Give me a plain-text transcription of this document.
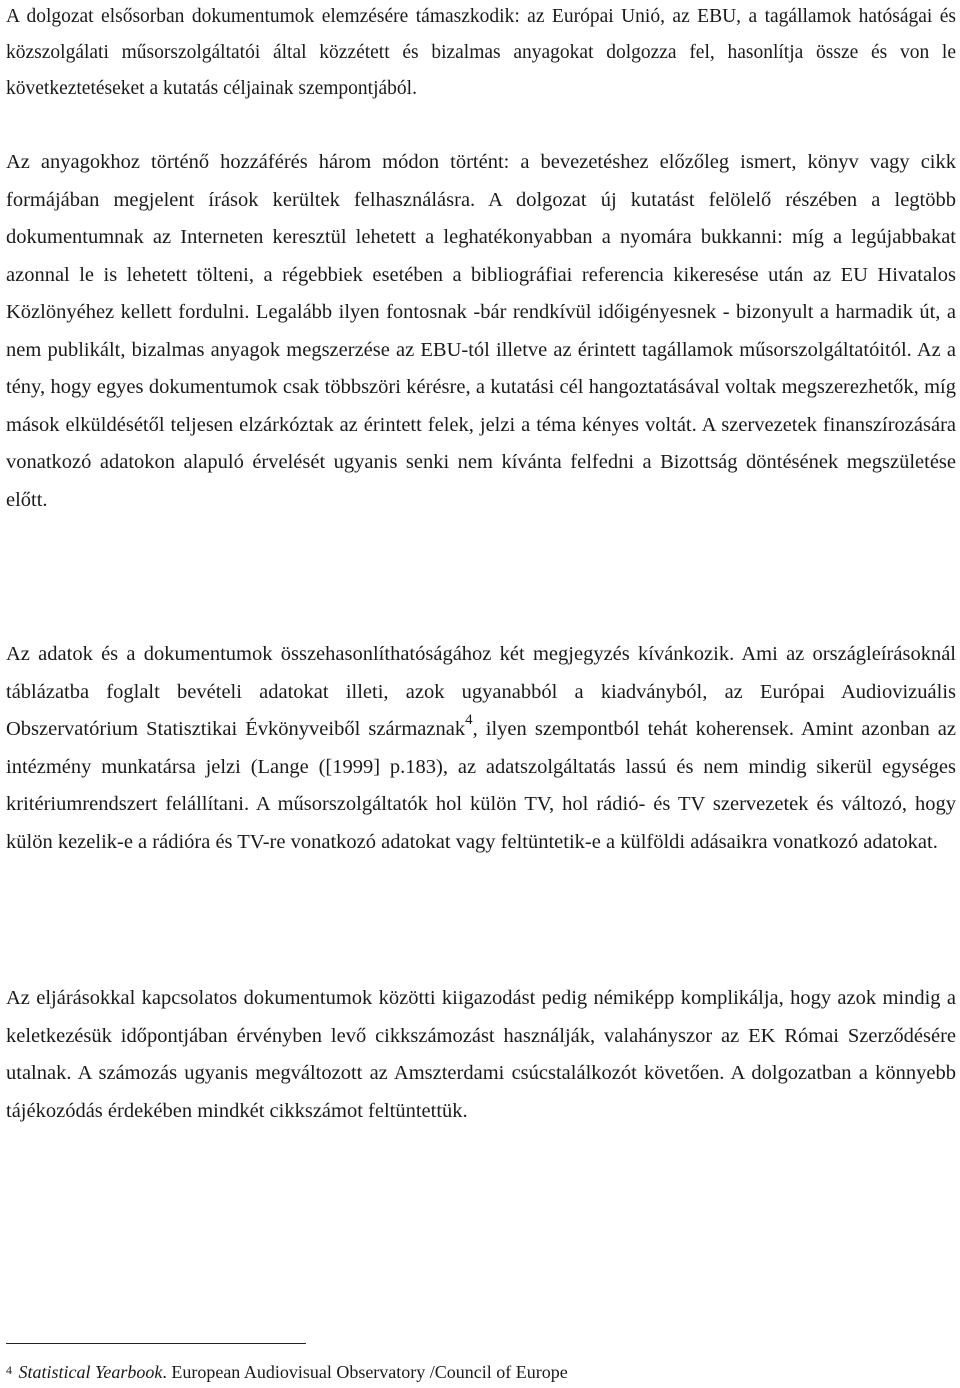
A dolgozat elsősorban dokumentumok elemzésére támaszkodik: az Európai Unió, az EBU, a tagállamok hatóságai és közszolgálati műsorszolgáltatói által közzétett és bizalmas anyagokat dolgozza fel, hasonlítja össze és von le következtetéseket a kutatás céljainak szempontjából.

Az anyagokhoz történő hozzáférés három módon történt: a bevezetéshez előzőleg ismert, könyv vagy cikk formájában megjelent írások kerültek felhasználásra. A dolgozat új kutatást felölelő részében a legtöbb dokumentumnak az Interneten keresztül lehetett a leghatékonyabban a nyomára bukkanni: míg a legújabbakat azonnal le is lehetett tölteni, a régebbiek esetében a bibliográfiai referencia kikeresése után az EU Hivatalos Közlönyéhez kellett fordulni. Legalább ilyen fontosnak -bár rendkívül időigényesnek - bizonyult a harmadik út, a nem publikált, bizalmas anyagok megszerzése az EBU-tól illetve az érintett tagállamok műsorszolgáltatóitól. Az a tény, hogy egyes dokumentumok csak többszöri kérésre, a kutatási cél hangoztatásával voltak megszerezhetők, míg mások elküldésétől teljesen elzárkóztak az érintett felek, jelzi a téma kényes voltát. A szervezetek finanszírozására vonatkozó adatokon alapuló érvelését ugyanis senki nem kívánta felfedni a Bizottság döntésének megszületése előtt.

Az adatok és a dokumentumok összehasonlíthatóságához két megjegyzés kívánkozik. Ami az országleírásoknál táblázatba foglalt bevételi adatokat illeti, azok ugyanabból a kiadványból, az Európai Audiovizuális Obszervatórium Statisztikai Évkönyveiből származnak$^4$, ilyen szempontból tehát koherensek. Amint azonban az intézmény munkatársa jelzi (Lange ([1999] p.183), az adatszolgáltatás lassú és nem mindig sikerül egységes kritériumrendszert felállítani. A műsorszolgáltatók hol külön TV, hol rádió- és TV szervezetek és változó, hogy külön kezelik-e a rádióra és TV-re vonatkozó adatokat vagy feltüntetik-e a külföldi adásaikra vonatkozó adatokat.

Az eljárásokkal kapcsolatos dokumentumok közötti kiigazodást pedig némiképp komplikálja, hogy azok mindig a keletkezésük időpontjában érvényben levő cikkszámozást használják, valahányszor az EK Római Szerződésére utalnak. A számozás ugyanis megváltozott az Amszterdami csúcstalálkozót követően. A dolgozatban a könnyebb tájékozódás érdekében mindkét cikkszámot feltüntettük.

$^4$ Statistical Yearbook. European Audiovisual Observatory /Council of Europe
